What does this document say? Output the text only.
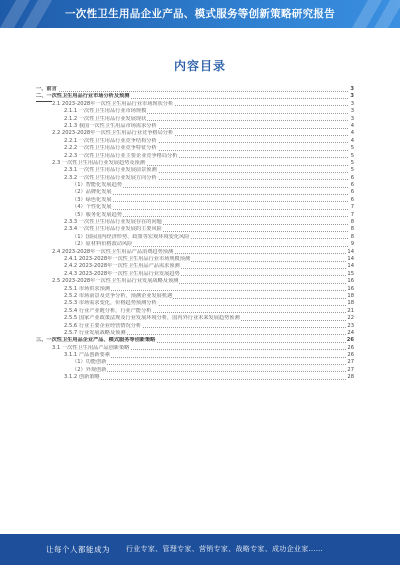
一次性卫生用品企业产品、模式服务等创新策略研究报告
内容目录
一、前言	3
二、一次性卫生用品行业市场分析及预测	3
2.1 2023-2028年一次性卫生用品行业市场现状分析	3
2.1.1 一次性卫生用品行业市场规模	3
2.1.2 一次性卫生用品行业发展现状	3
2.1.3 我国一次性卫生用品市场需求分析	4
2.2 2023-2028年一次性卫生用品行业竞争格局分析	4
2.2.1 一次性卫生用品行业竞争结构分析	4
2.2.2 一次性卫生用品行业竞争特征分析	5
2.2.3 一次性卫生用品行业主要企业竞争格局分析	5
2.3 一次性卫生用品行业发展趋势及预测	5
2.3.1 一次性卫生用品行业发展前景预测	5
2.3.2 一次性卫生用品行业发展方向分析	6
（1）智能化发展趋势	6
（2）品牌化发展	6
（3）绿色化发展	6
（4）个性化发展	7
（5）服务化发展趋势	7
2.3.3 一次性卫生用品行业发展存在的问题	8
2.3.4 一次性卫生用品行业发展的主要风险	8
（1）国际国内经济形势、政策等宏观环境变化风险	8
（2）原材料价格波动风险	9
2.4 2023-2028年一次性卫生用品产品消费趋势预测	14
2.4.1 2023-2028年一次性卫生用品行业市场规模预测	14
2.4.2 2023-2028年一次性卫生用品产品需求预测	14
2.4.3 2023-2028年一次性卫生用品行业发展趋势	15
2.5 2023-2028年一次性卫生用品行业发展战略及预测	16
2.5.1 市场供求预测	16
2.5.2 市场前景及竞争分析，预测企业发展机遇	18
2.5.3 市场需求变化，价格趋势预测分析	18
2.5.4 行业产业链分析，行业产能分析	21
2.5.5 国家产业政策法规及行业发展环境分析，国内外行业未来发展趋势预测	22
2.5.6 行业主要企业经营情况分析	23
2.5.7 行业发展战略及预测	24
三、一次性卫生用品企业产品、模式服务等创新策略	26
3.1 一次性卫生用品产品创新策略	26
3.1.1 产品创新要素	26
（1）功能创新	27
（2）外观创新	27
3.1.2 创新策略	28
让每个人都能成为 行业专家、管理专家、营销专家、战略专家、成功企业家……
